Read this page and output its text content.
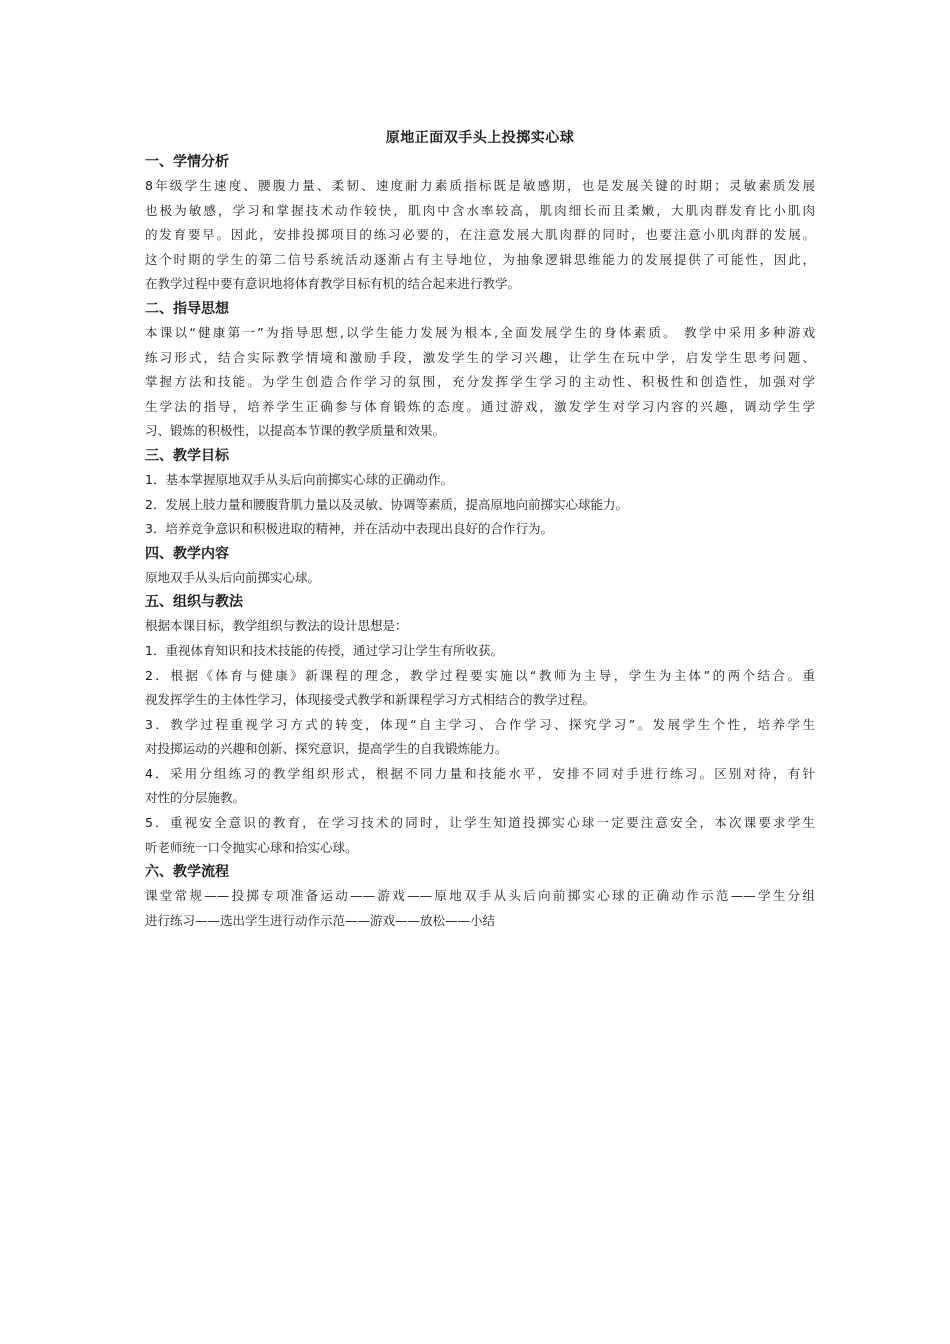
原地正面双手头上投掷实心球
一、学情分析

8年级学生速度、腰腹力量、柔韧、速度耐力素质指标既是敏感期，也是发展关键的时期；灵敏素质发展

也极为敏感，学习和掌握技术动作较快，肌肉中含水率较高，肌肉细长而且柔嫩，大肌肉群发育比小肌肉

的发育要早。因此，安排投掷项目的练习必要的，在注意发展大肌肉群的同时，也要注意小肌肉群的发展。

这个时期的学生的第二信号系统活动逐渐占有主导地位，为抽象逻辑思维能力的发展提供了可能性，因此，

在教学过程中要有意识地将体育教学目标有机的结合起来进行教学。

二、指导思想

本课以“健康第一”为指导思想,以学生能力发展为根本,全面发展学生的身体素质。 教学中采用多种游戏

练习形式，结合实际教学情境和激励手段，激发学生的学习兴趣，让学生在玩中学，启发学生思考问题、

掌握方法和技能。为学生创造合作学习的氛围，充分发挥学生学习的主动性、积极性和创造性，加强对学

生学法的指导，培养学生正确参与体育锻炼的态度。通过游戏，激发学生对学习内容的兴趣，调动学生学

习、锻炼的积极性，以提高本节课的教学质量和效果。

三、教学目标

1．基本掌握原地双手从头后向前掷实心球的正确动作。

2．发展上肢力量和腰腹背肌力量以及灵敏、协调等素质，提高原地向前掷实心球能力。

3．培养竞争意识和积极进取的精神，并在活动中表现出良好的合作行为。

四、教学内容

原地双手从头后向前掷实心球。

五、组织与教法

根据本课目标，教学组织与教法的设计思想是：

1．重视体育知识和技术技能的传授，通过学习让学生有所收获。

2．根据《体育与健康》新课程的理念，教学过程要实施以“教师为主导，学生为主体”的两个结合。重

视发挥学生的主体性学习，体现接受式教学和新课程学习方式相结合的教学过程。

3．教学过程重视学习方式的转变，体现“自主学习、合作学习、探究学习”。发展学生个性，培养学生

对投掷运动的兴趣和创新、探究意识，提高学生的自我锻炼能力。

4．采用分组练习的教学组织形式，根据不同力量和技能水平，安排不同对手进行练习。区别对待，有针

对性的分层施教。

5．重视安全意识的教育，在学习技术的同时，让学生知道投掷实心球一定要注意安全，本次课要求学生

听老师统一口令抛实心球和拾实心球。

六、教学流程

课堂常规——投掷专项准备运动——游戏——原地双手从头后向前掷实心球的正确动作示范——学生分组

进行练习——选出学生进行动作示范——游戏——放松——小结
